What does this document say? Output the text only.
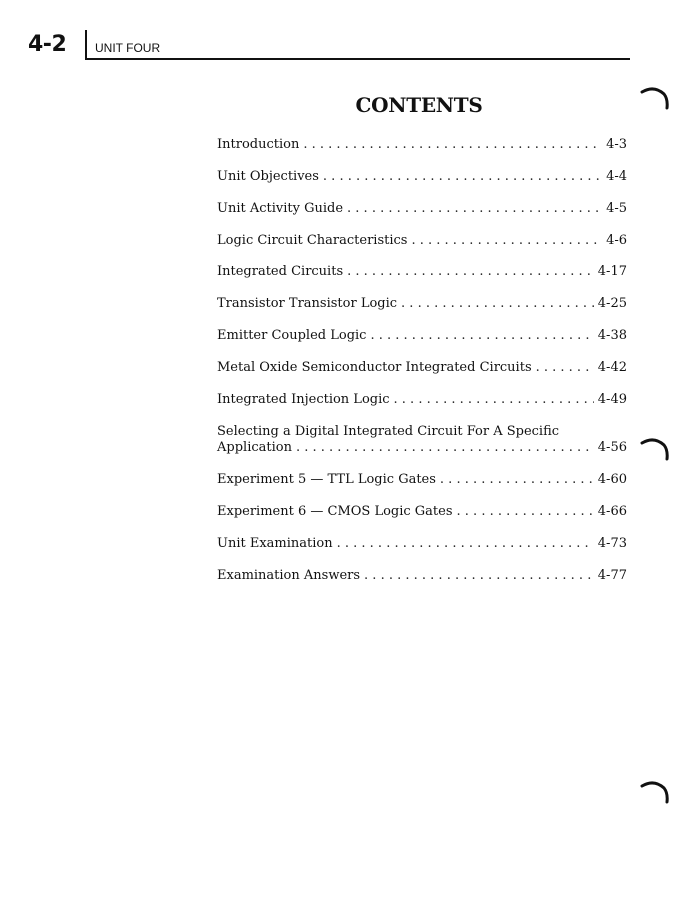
4-2 UNIT FOUR
CONTENTS
Introduction . . .	4-3
Unit Objectives . . .	4-4
Unit Activity Guide . . .	4-5
Logic Circuit Characteristics . . .	4-6
Integrated Circuits . . .	4-17
Transistor Transistor Logic . . .	4-25
Emitter Coupled Logic . . .	4-38
Metal Oxide Semiconductor Integrated Circuits . . .	4-42
Integrated Injection Logic . . .	4-49
Selecting a Digital Integrated Circuit For A Specific
Application . . .	4-56
Experiment 5 — TTL Logic Gates . . .	4-60
Experiment 6 — CMOS Logic Gates . . .	4-66
Unit Examination . . .	4-73
Examination Answers . . .	4-77
